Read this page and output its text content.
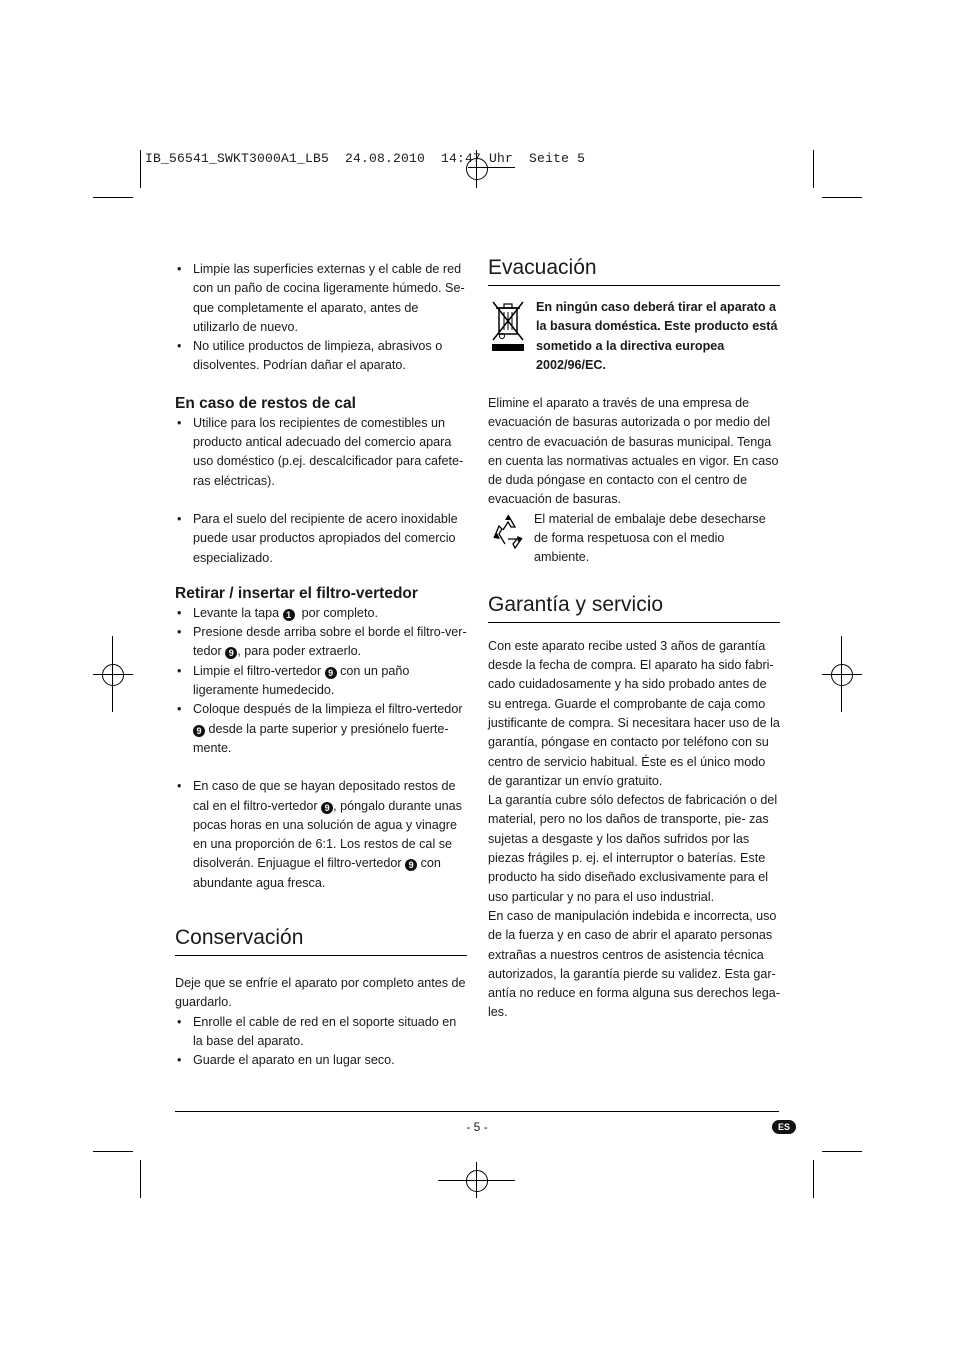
IB_56541_SWKT3000A1_LB5  24.08.2010  14:47 Uhr  Seite 5
• Limpie las superficies externas y el cable de red con un paño de cocina ligeramente húmedo. Se- que completamente el aparato, antes de utilizarlo de nuevo.
• No utilice productos de limpieza, abrasivos o disolventes. Podrían dañar el aparato.
En caso de restos de cal
• Utilice para los recipientes de comestibles un producto antical adecuado del comercio apara uso doméstico (p.ej. descalcificador para cafete- ras eléctricas).
• Para el suelo del recipiente de acero inoxidable puede usar productos apropiados del comercio especializado.
Retirar / insertar el filtro-vertedor
• Levante la tapa 1 por completo.
• Presione desde arriba sobre el borde el filtro-ver- tedor 9 , para poder extraerlo.
• Limpie el filtro-vertedor 9 con un paño ligeramente humedecido.
• Coloque después de la limpieza el filtro-vertedor 9 desde la parte superior y presiónelo fuerte- mente.
• En caso de que se hayan depositado restos de cal en el filtro-vertedor 9 , póngalo durante unas pocas horas en una solución de agua y vinagre en una proporción de 6:1. Los restos de cal se disolverán. Enjuague el filtro-vertedor 9 con abundante agua fresca.
Conservación

Deje que se enfríe el aparato por completo antes de guardarlo.

• Enrolle el cable de red en el soporte situado en la base del aparato.
• Guarde el aparato en un lugar seco.
Evacuación

En ningún caso deberá tirar el aparato a la basura doméstica. Este producto está sometido a la directiva europea 2002/96/EC.

Elimine el aparato a través de una empresa de evacuación de basuras autorizada o por medio del centro de evacuación de basuras municipal. Tenga en cuenta las normativas actuales en vigor. En caso de duda póngase en contacto con el centro de evacuación de basuras.

El material de embalaje debe desecharse de forma respetuosa con el medio ambiente.

Garantía y servicio

Con este aparato recibe usted 3 años de garantía desde la fecha de compra. El aparato ha sido fabri- cado cuidadosamente y ha sido probado antes de su entrega. Guarde el comprobante de caja como justificante de compra. Si necesitara hacer uso de la garantía, póngase en contacto por teléfono con su centro de servicio habitual. Éste es el único modo de garantizar un envío gratuito.

La garantía cubre sólo defectos de fabricación o del material, pero no los daños de transporte, pie- zas sujetas a desgaste y los daños sufridos por las piezas frágiles p. ej. el interruptor o baterías. Este producto ha sido diseñado exclusivamente para el uso particular y no para el uso industrial.

En caso de manipulación indebida e incorrecta, uso de la fuerza y en caso de abrir el aparato personas extrañas a nuestros centros de asistencia técnica autorizados, la garantía pierde su validez. Esta gar- antía no reduce en forma alguna sus derechos lega- les.

- 5 -	ES
